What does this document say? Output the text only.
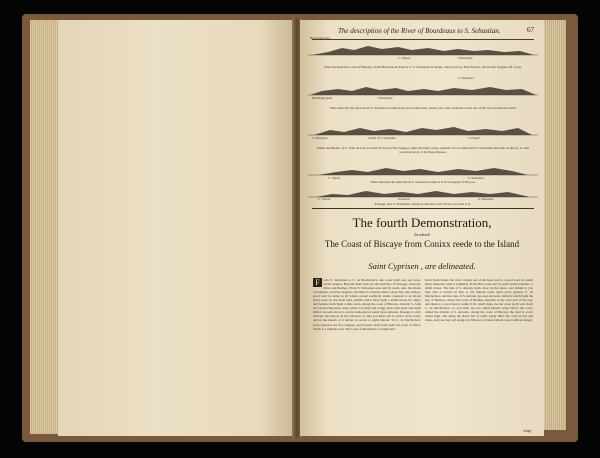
The description of the River of Bourdeaux to S. Sebastian.	67
Bommalgregate
C. Figuer.	Fontarabia
Thus sheweth the coast of Biscaye, from Bayonne in France to S. Sebastian in Spain, when you are East from it, about five leagues off at sea.
Bommalgregate	Fontarabia
S. Sebastian
Thus sheweth the land about S. Sebastian, being from you south-west, when you come from the north out of the sea towards the land.
S. Sebastian	Castle of S. Sebastian	S. Figuer.
When the Bisket of S. John de Luz is South from you five leagues, then the land on the eastside of it is small and S. Sebastian sheweth as above, so that you may know it by these figures.
C. Figuer.	S. Sebastian
Thus sheweth the land about S. Sebastian when it is five leagues from you.
C. Figuer.	Guetaria	S. Sebastian
Passage and S. Sebastian, being South and south from you, thus it is.
The fourth Demonstration,
In which
The Coast of Biscaye from Conixx reede to the Island
Saint Cyprisen , are delineated.
F	rom S. Sebastian to C. de Machichaco, the coast lyeth east and west, seven leagues. Betwixt them both are the harbours of Passage, Guetaria, Deva and Bermeo. From S. Sebastian west and by north, unto the Island of Guetaria, are three leagues; and there is a haven where a man may ride, being a good road for ships in all winds, except northerly winds. Guetaria is an Island lying close by the main land, within which there lyeth a small haven for ships; and betwixt both lyeth a little town. Along the coast of Biscaye, betwixt S. John de Luz and Bayonne, every where it is high and craggy land, with great and small hills to be seen above it, and in some places sandy bays between. Passage is a fair harbour, but narrow in the entrance; so that you must sail in with a slack water, and in the mouth of it anchor in seven or eight fathom. To C. de Machichaco from Guetaria are five leagues, and betwixt them both lyeth the town of Deva, which is a fishing town. The Cape of Machichaco is high land.
Deva lyeth where the river cometh out of the land, and is a good road for small ships when the wind is southerly. From Deva west and by north lyeth Lequeitio, a small haven. The Isle of S. Antony lyeth close by the shore, and behind it you may ride at anchor in five or six fathom water upon good ground. C. de Machichaco and the cape of S. Antonio lye east and west, betwixt which lyeth the bay of Bermeo, where the town of Bermeo standeth at the west end of the bay, and there is a good haven within it for small ships. As the coast lyeth west from C. de Machichaco, so you shall see two small Islands lying before the coast, called the Islands of S. Antonio. Along the coast of Biscaye the land is every where high, and along the shore full of white sandy hills; the coast is fair and clean, and you may sail along it at fifteen or sixteen fathom water without danger.
long-
